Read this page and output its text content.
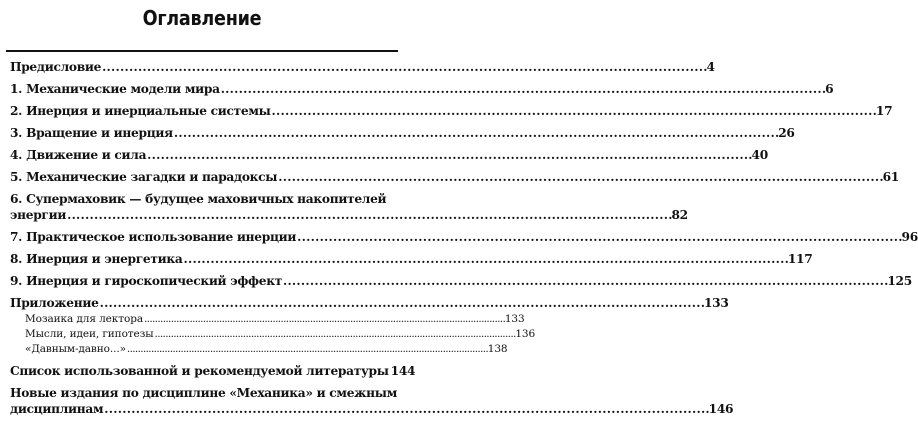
Оглавление
Предисловие . . .	4
1. Механические модели мира . . .	6
2. Инерция и инерциальные системы . . .	17
3. Вращение и инерция . . .	26
4. Движение и сила . . .	40
5. Механические загадки и парадоксы . . .	61
6. Супермаховик — будущее маховичных накопителей
энергии . . .	82
7. Практическое использование инерции . . .	96
8. Инерция и энергетика . . .	117
9. Инерция и гироскопический эффект . . .	125
Приложение . . .	133
Мозаика для лектора . . .	133
Мысли, идеи, гипотезы . . .	136
«Давным-давно...» . . .	138
Список использованной и рекомендуемой литературы 144
Новые издания по дисциплине «Механика» и смежным
дисциплинам . . .	146
